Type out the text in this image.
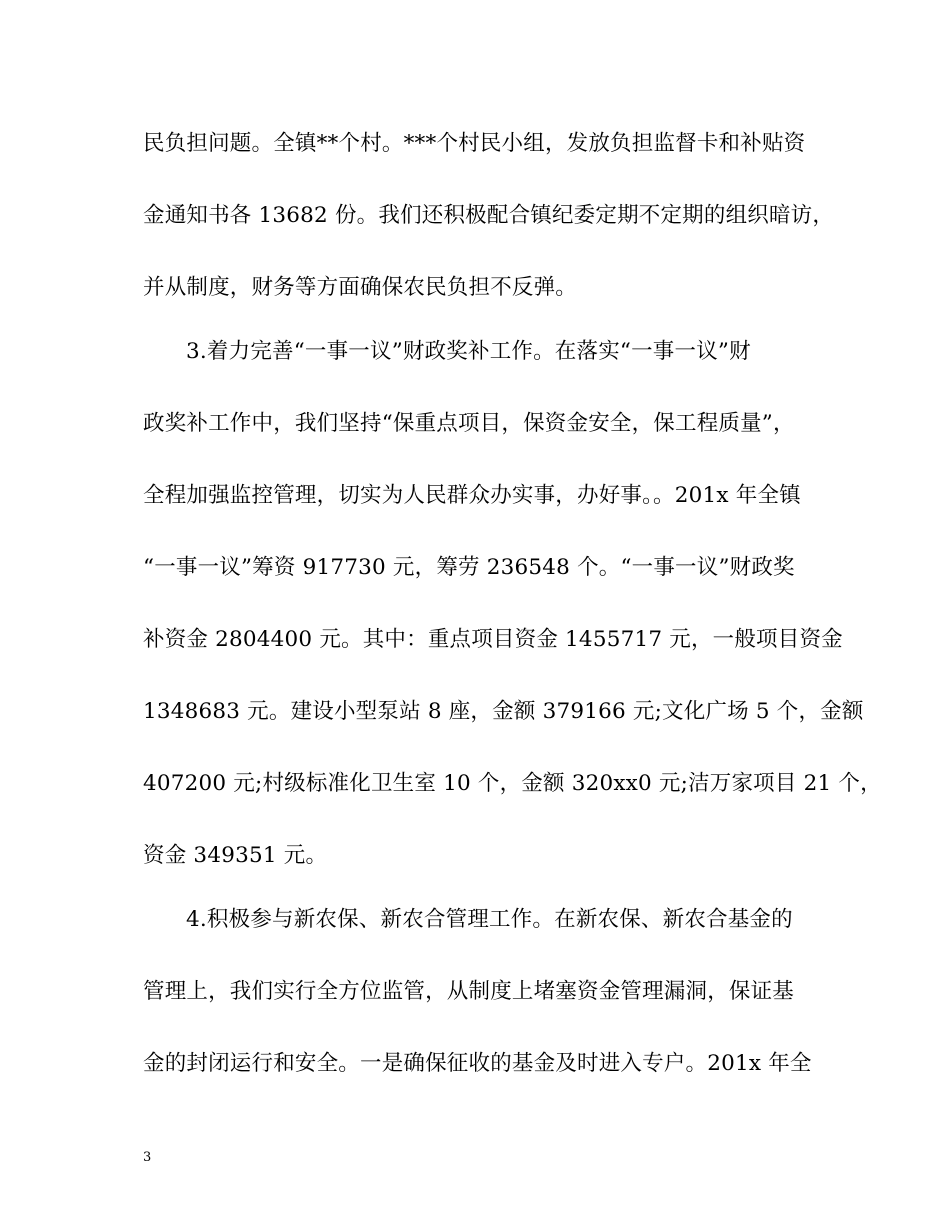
民负担问题。全镇**个村。***个村民小组，发放负担监督卡和补贴资
金通知书各 13682 份。我们还积极配合镇纪委定期不定期的组织暗访，
并从制度，财务等方面确保农民负担不反弹。
3.着力完善“一事一议”财政奖补工作。在落实“一事一议”财
政奖补工作中，我们坚持“保重点项目，保资金安全，保工程质量”，
全程加强监控管理，切实为人民群众办实事，办好事。。201x 年全镇
“一事一议”筹资 917730 元，筹劳 236548 个。“一事一议”财政奖
补资金 2804400 元。其中：重点项目资金 1455717 元，一般项目资金
1348683 元。建设小型泵站 8 座，金额 379166 元;文化广场 5 个，金额
407200 元;村级标准化卫生室 10 个，金额 320xx0 元;洁万家项目 21 个，
资金 349351 元。
4.积极参与新农保、新农合管理工作。在新农保、新农合基金的
管理上，我们实行全方位监管，从制度上堵塞资金管理漏洞，保证基
金的封闭运行和安全。一是确保征收的基金及时进入专户。201x 年全
3
